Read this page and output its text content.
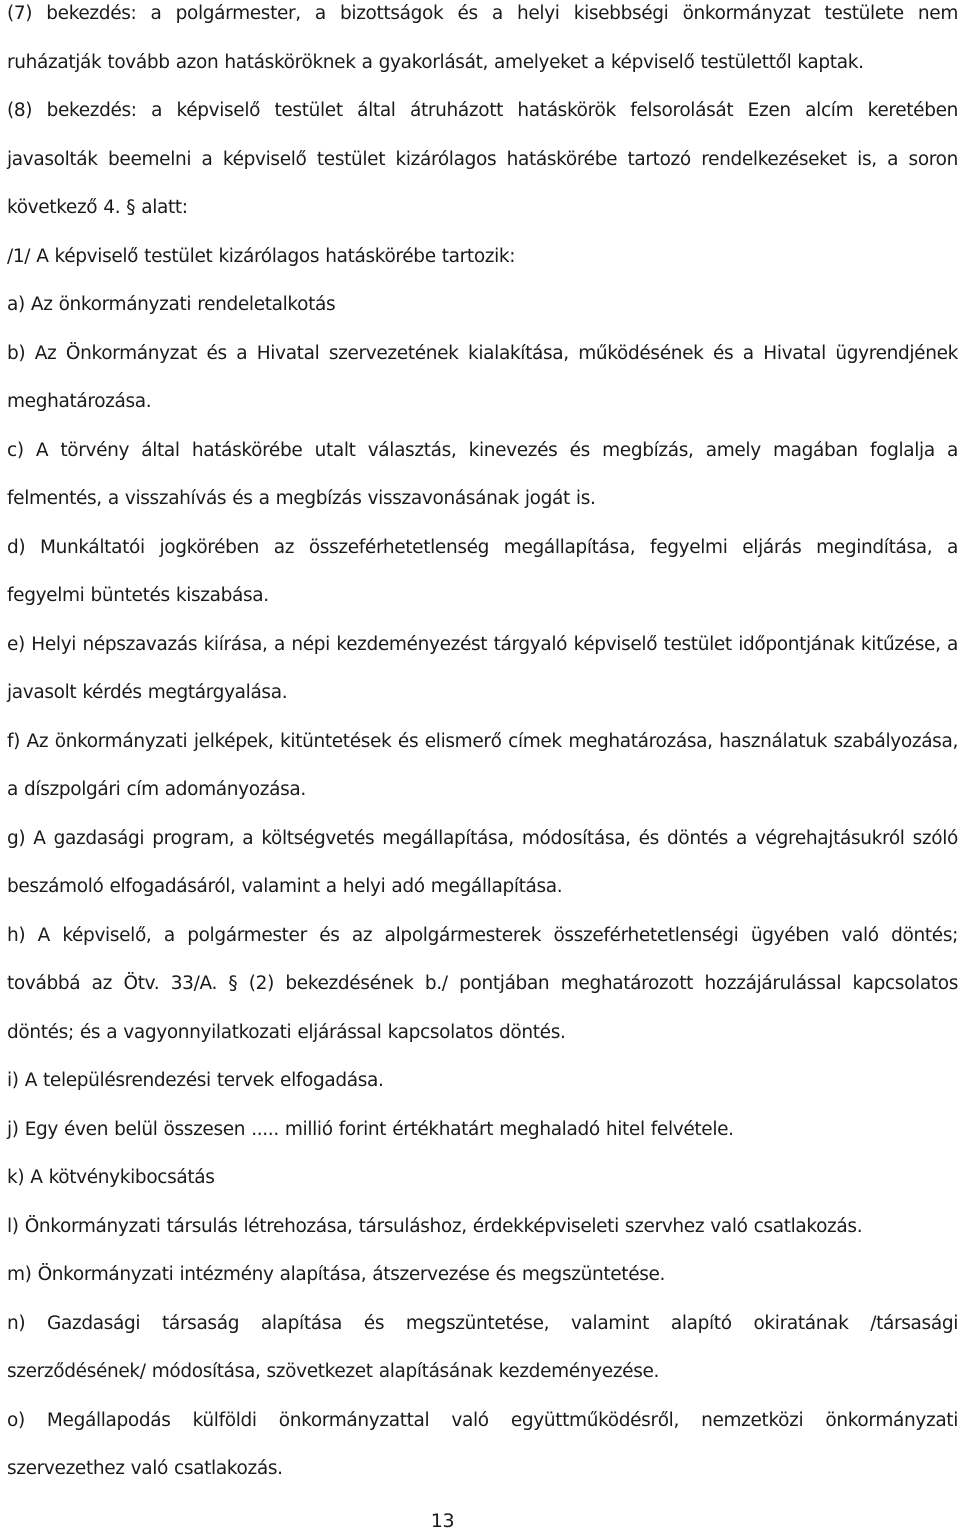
(7) bekezdés: a polgármester, a bizottságok és a helyi kisebbségi önkormányzat testülete nem ruházatják tovább azon hatásköröknek a gyakorlását, amelyeket a képviselő testülettől kaptak.

(8) bekezdés: a képviselő testület által átruházott hatáskörök felsorolását Ezen alcím keretében javasolták beemelni a képviselő testület kizárólagos hatáskörébe tartozó rendelkezéseket is, a soron következő 4. § alatt:

/1/ A képviselő testület kizárólagos hatáskörébe tartozik:

a) Az önkormányzati rendeletalkotás

b) Az Önkormányzat és a Hivatal szervezetének kialakítása, működésének és a Hivatal ügyrendjének meghatározása.

c) A törvény által hatáskörébe utalt választás, kinevezés és megbízás, amely magában foglalja a felmentés, a visszahívás és a megbízás visszavonásának jogát is.

d) Munkáltatói jogkörében az összeférhetetlenség megállapítása, fegyelmi eljárás megindítása, a fegyelmi büntetés kiszabása.

e) Helyi népszavazás kiírása, a népi kezdeményezést tárgyaló képviselő testület időpontjának kitűzése, a javasolt kérdés megtárgyalása.

f) Az önkormányzati jelképek, kitüntetések és elismerő címek meghatározása, használatuk szabályozása, a díszpolgári cím adományozása.

g) A gazdasági program, a költségvetés megállapítása, módosítása, és döntés a végrehajtásukról szóló beszámoló elfogadásáról, valamint a helyi adó megállapítása.

h) A képviselő, a polgármester és az alpolgármesterek összeférhetetlenségi ügyében való döntés; továbbá az Ötv. 33/A. § (2) bekezdésének b./ pontjában meghatározott hozzájárulással kapcsolatos döntés; és a vagyonnyilatkozati eljárással kapcsolatos döntés.

i) A településrendezési tervek elfogadása.

j) Egy éven belül összesen ..... millió forint értékhatárt meghaladó hitel felvétele.

k) A kötvénykibocsátás

l) Önkormányzati társulás létrehozása, társuláshoz, érdekképviseleti szervhez való csatlakozás.

m) Önkormányzati intézmény alapítása, átszervezése és megszüntetése.

n) Gazdasági társaság alapítása és megszüntetése, valamint alapító okiratának /társasági szerződésének/ módosítása, szövetkezet alapításának kezdeményezése.

o) Megállapodás külföldi önkormányzattal való együttműködésről, nemzetközi önkormányzati szervezethez való csatlakozás.

13
